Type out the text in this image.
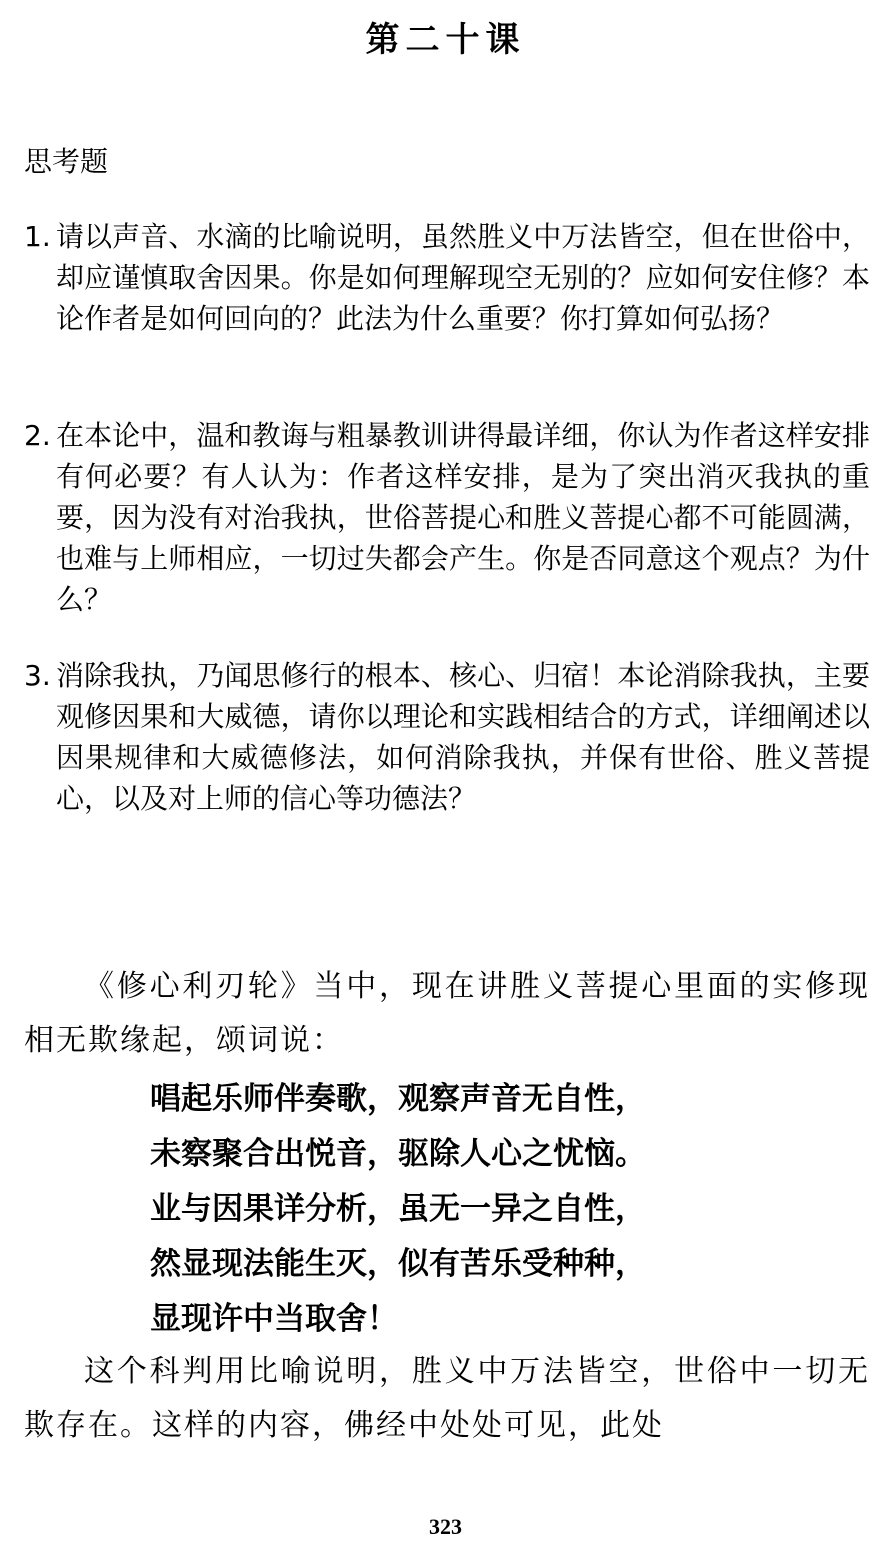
第二十课
思考题
1. 请以声音、水滴的比喻说明，虽然胜义中万法皆空，但在世俗中，却应谨慎取舍因果。你是如何理解现空无别的？应如何安住修？本论作者是如何回向的？此法为什么重要？你打算如何弘扬？
2. 在本论中，温和教诲与粗暴教训讲得最详细，你认为作者这样安排有何必要？有人认为：作者这样安排，是为了突出消灭我执的重要，因为没有对治我执，世俗菩提心和胜义菩提心都不可能圆满，也难与上师相应，一切过失都会产生。你是否同意这个观点？为什么？
3. 消除我执，乃闻思修行的根本、核心、归宿！本论消除我执，主要观修因果和大威德，请你以理论和实践相结合的方式，详细阐述以因果规律和大威德修法，如何消除我执，并保有世俗、胜义菩提心，以及对上师的信心等功德法？
《修心利刃轮》当中，现在讲胜义菩提心里面的实修现相无欺缘起，颂词说：
唱起乐师伴奏歌，观察声音无自性，
未察聚合出悦音，驱除人心之忧恼。
业与因果详分析，虽无一异之自性，
然显现法能生灭，似有苦乐受种种，
显现许中当取舍！
这个科判用比喻说明，胜义中万法皆空，世俗中一切无欺存在。这样的内容，佛经中处处可见，此处
323
